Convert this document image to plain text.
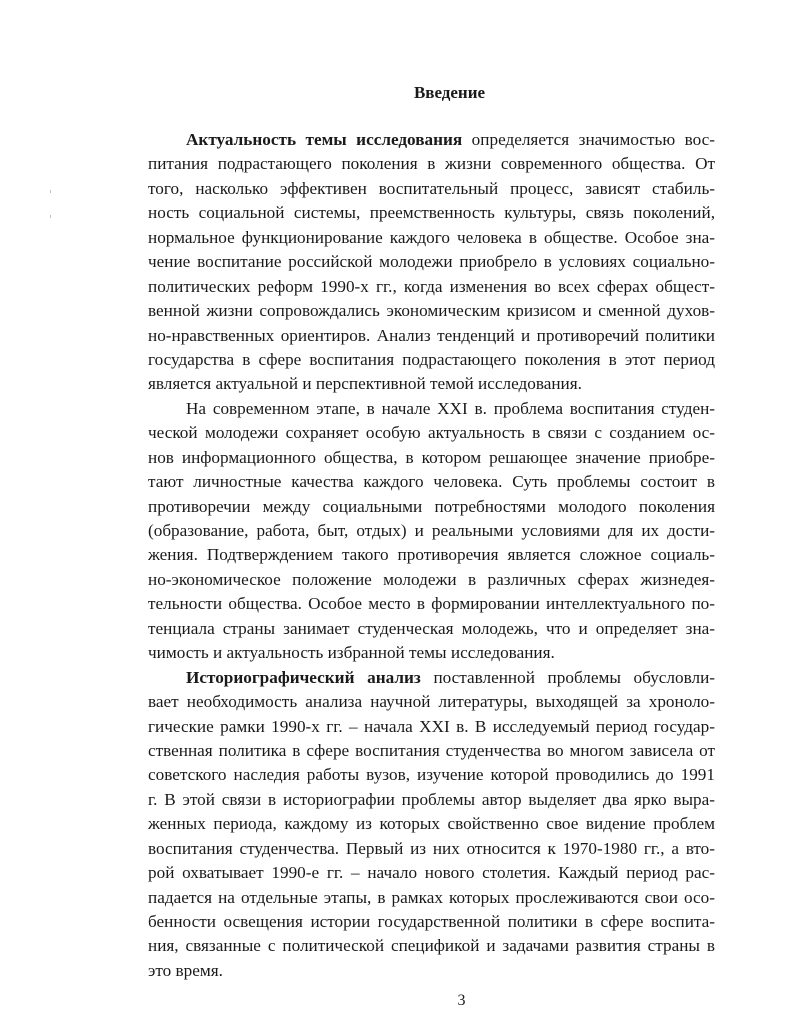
Введение
Актуальность темы исследования определяется значимостью вос-
питания подрастающего поколения в жизни современного общества. От
того, насколько эффективен воспитательный процесс, зависят стабиль-
ность социальной системы, преемственность культуры, связь поколений,
нормальное функционирование каждого человека в обществе. Особое зна-
чение воспитание российской молодежи приобрело в условиях социально-
политических реформ 1990-х гг., когда изменения во всех сферах общест-
венной жизни сопровождались экономическим кризисом и сменной духов-
но-нравственных ориентиров. Анализ тенденций и противоречий политики
государства в сфере воспитания подрастающего поколения в этот период
является актуальной и перспективной темой исследования.
На современном этапе, в начале XXI в. проблема воспитания студен-
ческой молодежи сохраняет особую актуальность в связи с созданием ос-
нов информационного общества, в котором решающее значение приобре-
тают личностные качества каждого человека. Суть проблемы состоит в
противоречии между социальными потребностями молодого поколения
(образование, работа, быт, отдых) и реальными условиями для их дости-
жения. Подтверждением такого противоречия является сложное социаль-
но-экономическое положение молодежи в различных сферах жизнедея-
тельности общества. Особое место в формировании интеллектуального по-
тенциала страны занимает студенческая молодежь, что и определяет зна-
чимость и актуальность избранной темы исследования.
Историографический анализ поставленной проблемы обусловли-
вает необходимость анализа научной литературы, выходящей за хроноло-
гические рамки 1990-х гг. – начала XXI в. В исследуемый период государ-
ственная политика в сфере воспитания студенчества во многом зависела от
советского наследия работы вузов, изучение которой проводились до 1991
г. В этой связи в историографии проблемы автор выделяет два ярко выра-
женных периода, каждому из которых свойственно свое видение проблем
воспитания студенчества. Первый из них относится к 1970-1980 гг., а вто-
рой охватывает 1990-е гг. – начало нового столетия. Каждый период рас-
падается на отдельные этапы, в рамках которых прослеживаются свои осо-
бенности освещения истории государственной политики в сфере воспита-
ния, связанные с политической спецификой и задачами развития страны в
это время.
3
